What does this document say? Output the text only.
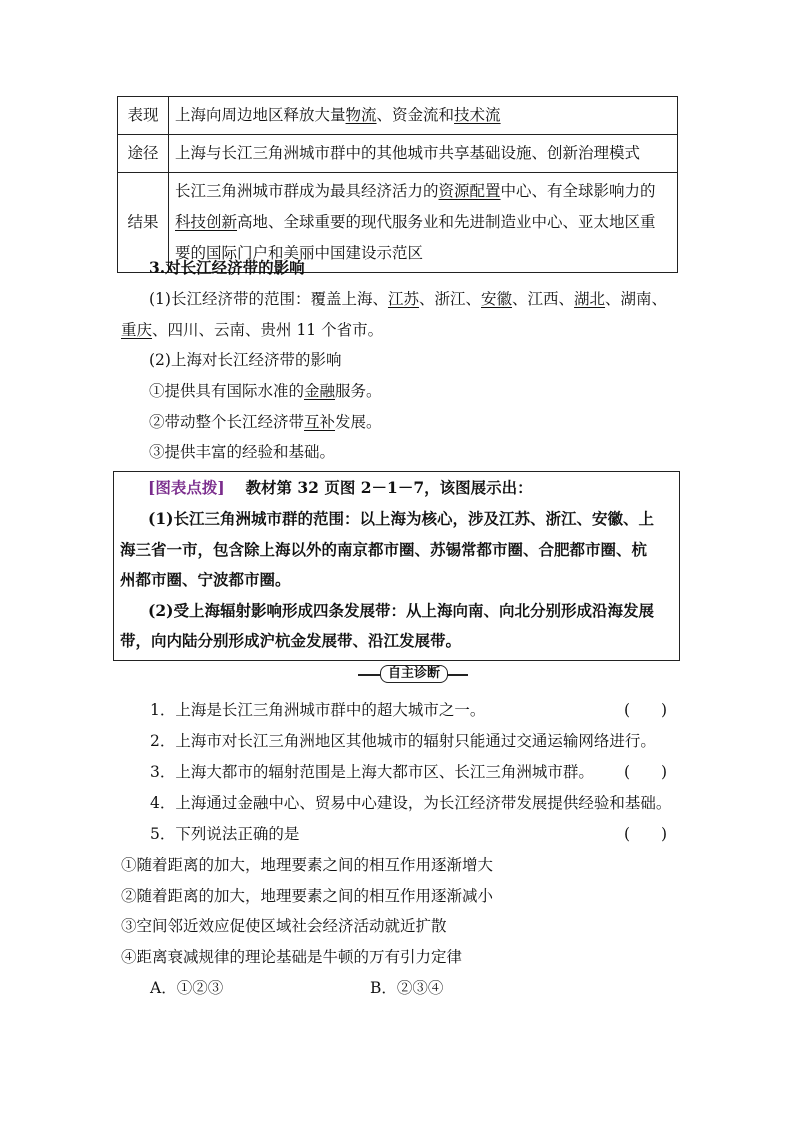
表现	上海向周边地区释放大量物流、资金流和技术流
途径	上海与长江三角洲城市群中的其他城市共享基础设施、创新治理模式
结果	长江三角洲城市群成为最具经济活力的资源配置中心、有全球影响力的
科技创新高地、全球重要的现代服务业和先进制造业中心、亚太地区重
要的国际门户和美丽中国建设示范区
3.对长江经济带的影响
(1)长江经济带的范围：覆盖上海、江苏、浙江、安徽、江西、湖北、湖南、
重庆、四川、云南、贵州 11 个省市。
(2)上海对长江经济带的影响
①提供具有国际水准的金融服务。
②带动整个长江经济带互补发展。
③提供丰富的经验和基础。
[图表点拨] 教材第 32 页图 2－1－7，该图展示出：
(1)长江三角洲城市群的范围：以上海为核心，涉及江苏、浙江、安徽、上
海三省一市，包含除上海以外的南京都市圈、苏锡常都市圈、合肥都市圈、杭
州都市圈、宁波都市圈。
(2)受上海辐射影响形成四条发展带：从上海向南、向北分别形成沿海发展
带，向内陆分别形成沪杭金发展带、沿江发展带。
自主诊断
1．上海是长江三角洲城市群中的超大城市之一。	(　　)
2．上海市对长江三角洲地区其他城市的辐射只能通过交通运输网络进行。
3．上海大都市的辐射范围是上海大都市区、长江三角洲城市群。 (　　)
4．上海通过金融中心、贸易中心建设，为长江经济带发展提供经验和基础。
5．下列说法正确的是	(　　)
①随着距离的加大，地理要素之间的相互作用逐渐增大
②随着距离的加大，地理要素之间的相互作用逐渐减小
③空间邻近效应促使区域社会经济活动就近扩散
④距离衰减规律的理论基础是牛顿的万有引力定律
A．①②③	B．②③④
